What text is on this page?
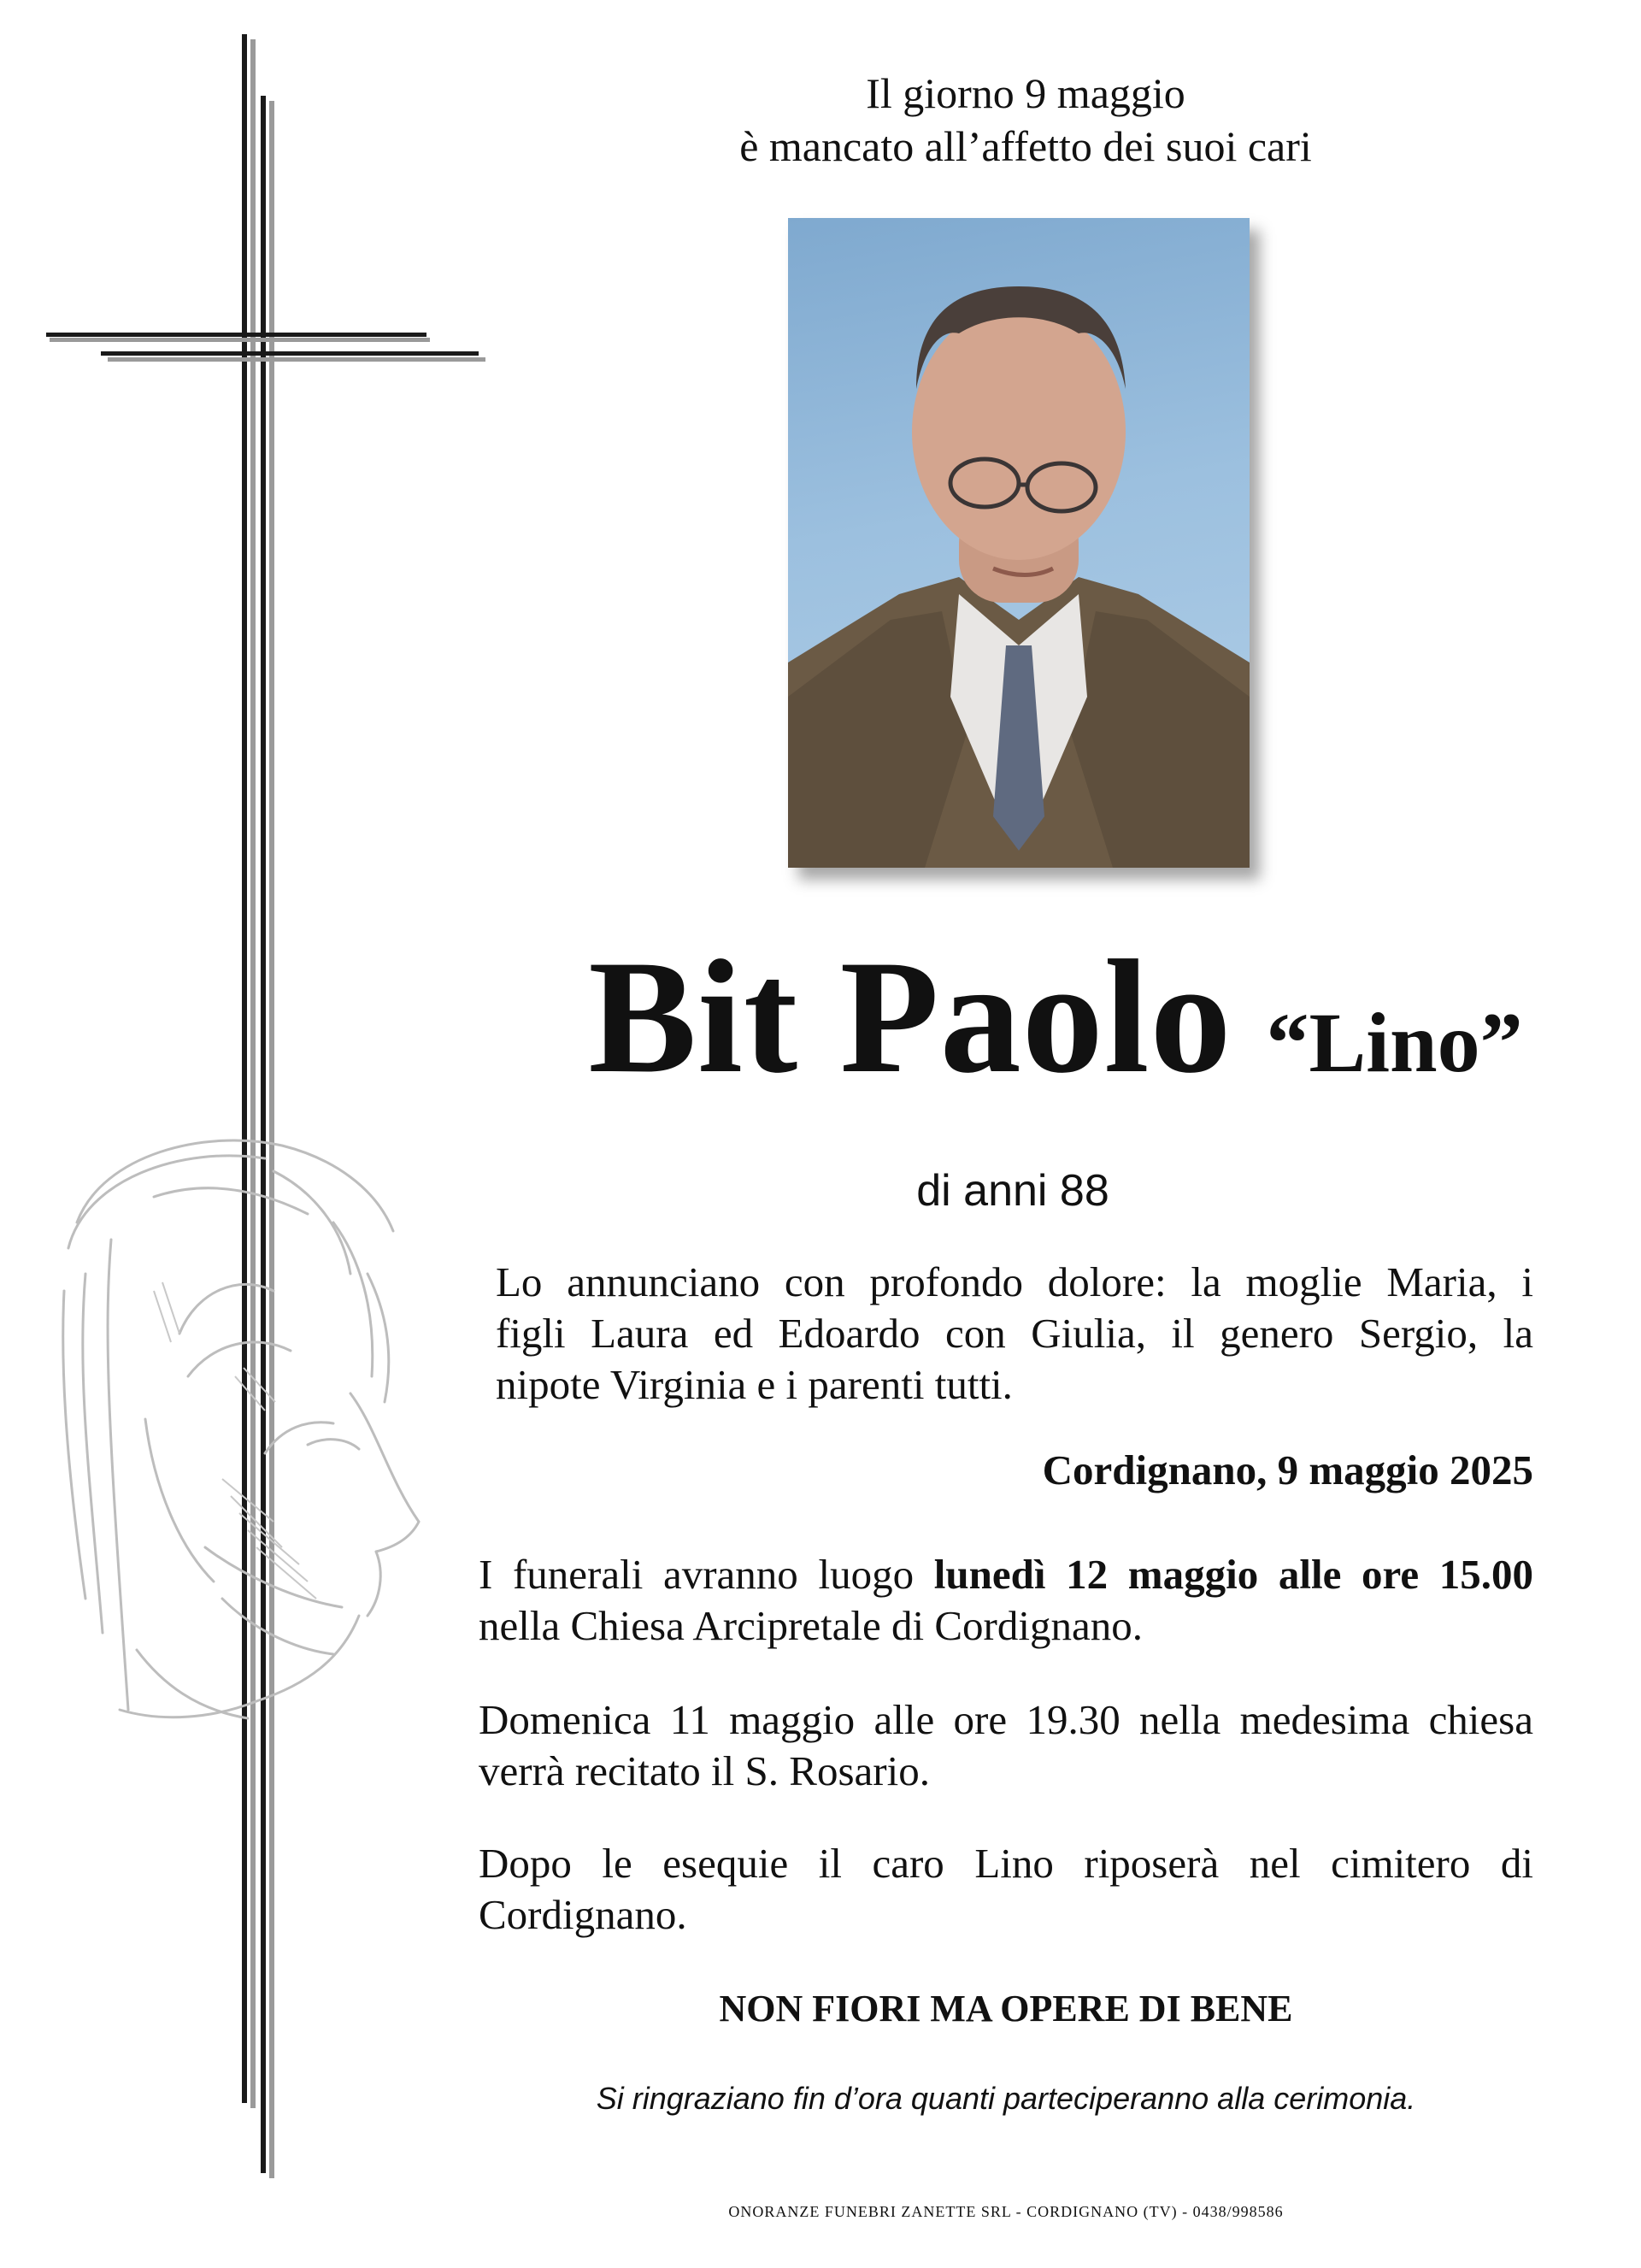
Il giorno 9 maggio
è mancato all’affetto dei suoi cari
Bit Paolo “Lino”
di anni 88
Lo annunciano con profondo dolore: la moglie Maria, i
figli Laura ed Edoardo con Giulia, il genero Sergio, la
nipote Virginia e i parenti tutti.
Cordignano, 9 maggio 2025
I funerali avranno luogo lunedì 12 maggio alle ore 15.00
nella Chiesa Arcipretale di Cordignano.
Domenica 11 maggio alle ore 19.30 nella medesima chiesa
verrà recitato il S. Rosario.
Dopo le esequie il caro Lino riposerà nel cimitero di
Cordignano.
NON FIORI MA OPERE DI BENE
Si ringraziano fin d’ora quanti parteciperanno alla cerimonia.
ONORANZE FUNEBRI ZANETTE SRL - CORDIGNANO (TV) - 0438/998586
